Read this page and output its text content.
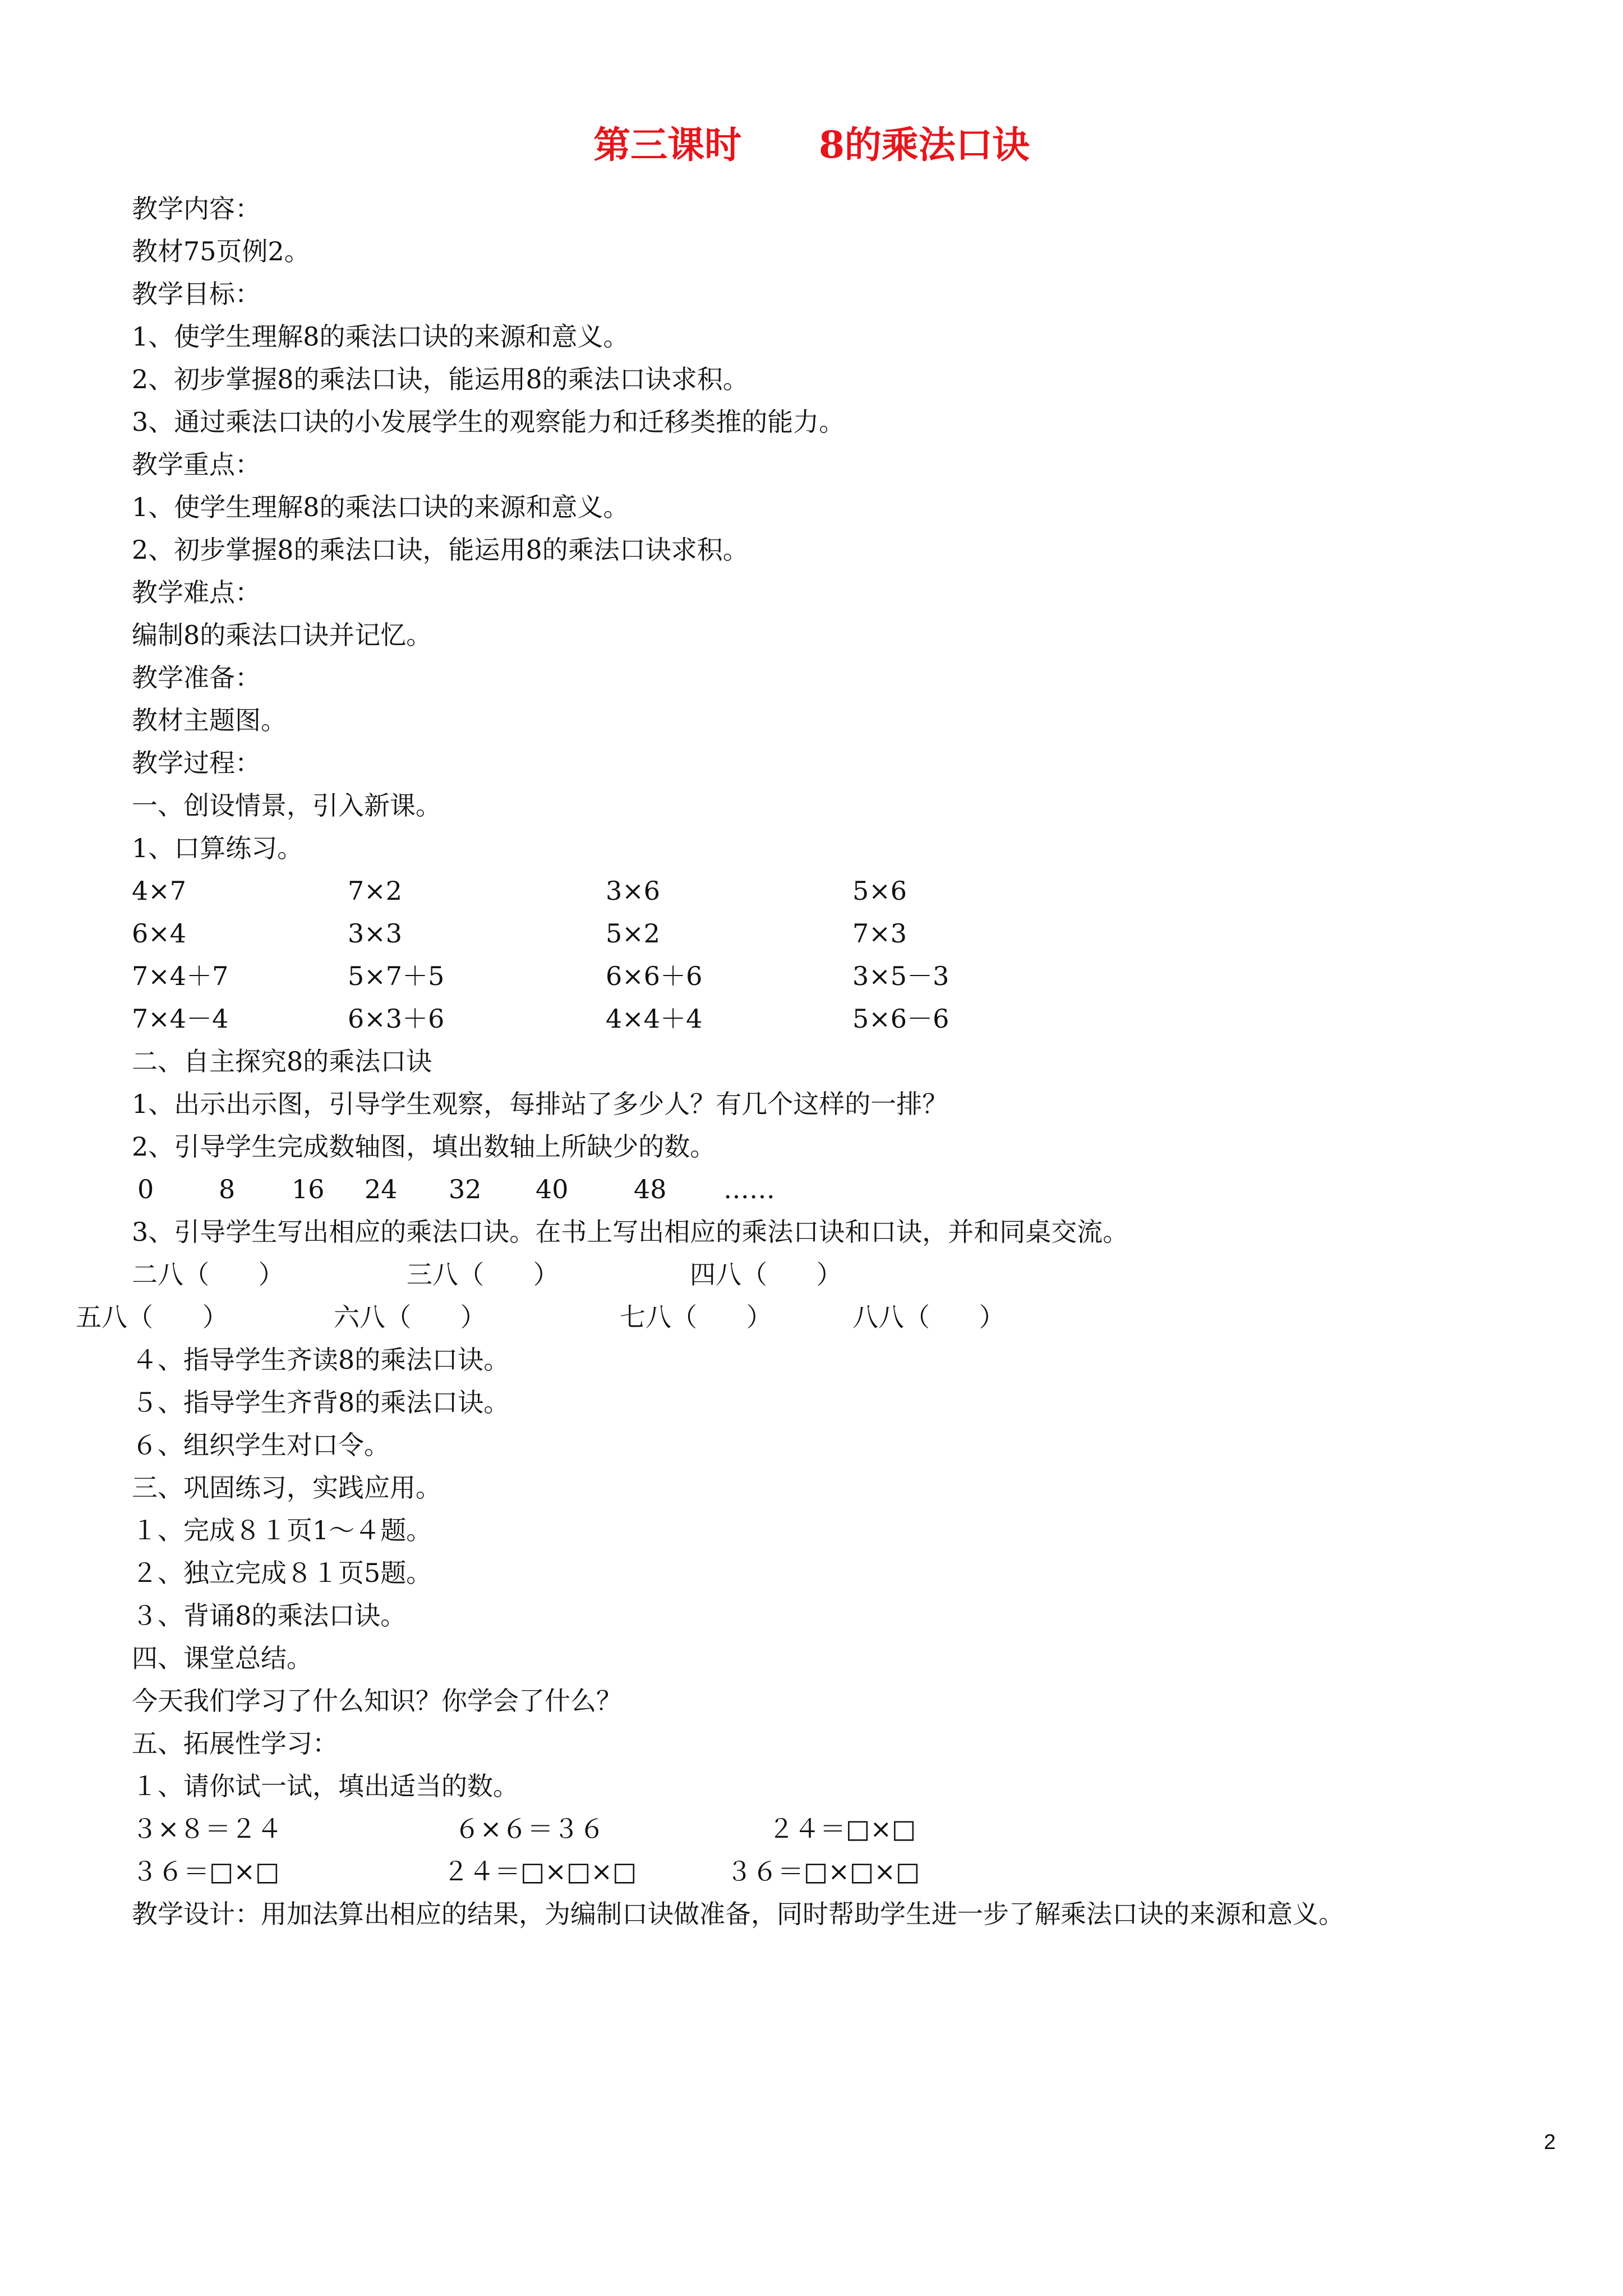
第三课时      8的乘法口诀
教学内容：
教材75页例2。
教学目标：
1、使学生理解8的乘法口诀的来源和意义。
2、初步掌握8的乘法口诀，能运用8的乘法口诀求积。
3、通过乘法口诀的小发展学生的观察能力和迁移类推的能力。
教学重点：
1、使学生理解8的乘法口诀的来源和意义。
2、初步掌握8的乘法口诀，能运用8的乘法口诀求积。
教学难点：
编制8的乘法口诀并记忆。
教学准备：
教材主题图。
教学过程：
一、创设情景，引入新课。
1、口算练习。
4×7	7×2	3×6	5×6
6×4	3×3	5×2	7×3
7×4＋7	5×7＋5	6×6＋6	3×5－3
7×4－4	6×3＋6	4×4＋4	5×6－6
二、自主探究8的乘法口诀
1、出示出示图，引导学生观察，每排站了多少人？有几个这样的一排？
2、引导学生完成数轴图，填出数轴上所缺少的数。
0	8 16 24 32 40	48 ……
3、引导学生写出相应的乘法口诀。在书上写出相应的乘法口诀和口诀，并和同桌交流。
二八（      ）	三八（      ）	四八（      ）
五八（      ）	六八（      ）	七八（      ）	八八（      ）
４、指导学生齐读8的乘法口诀。
５、指导学生齐背8的乘法口诀。
６、组织学生对口令。
三、巩固练习，实践应用。
１、完成８１页1～４题。
２、独立完成８１页5题。
３、背诵8的乘法口诀。
四、课堂总结。
今天我们学习了什么知识？你学会了什么？
五、拓展性学习：
１、请你试一试，填出适当的数。
３×８＝２４	６×６＝３６	２４＝□×□
３６＝□×□	２４＝□×□×□	３６＝□×□×□
教学设计：用加法算出相应的结果，为编制口诀做准备，同时帮助学生进一步了解乘法口诀的来源和意义。
2
